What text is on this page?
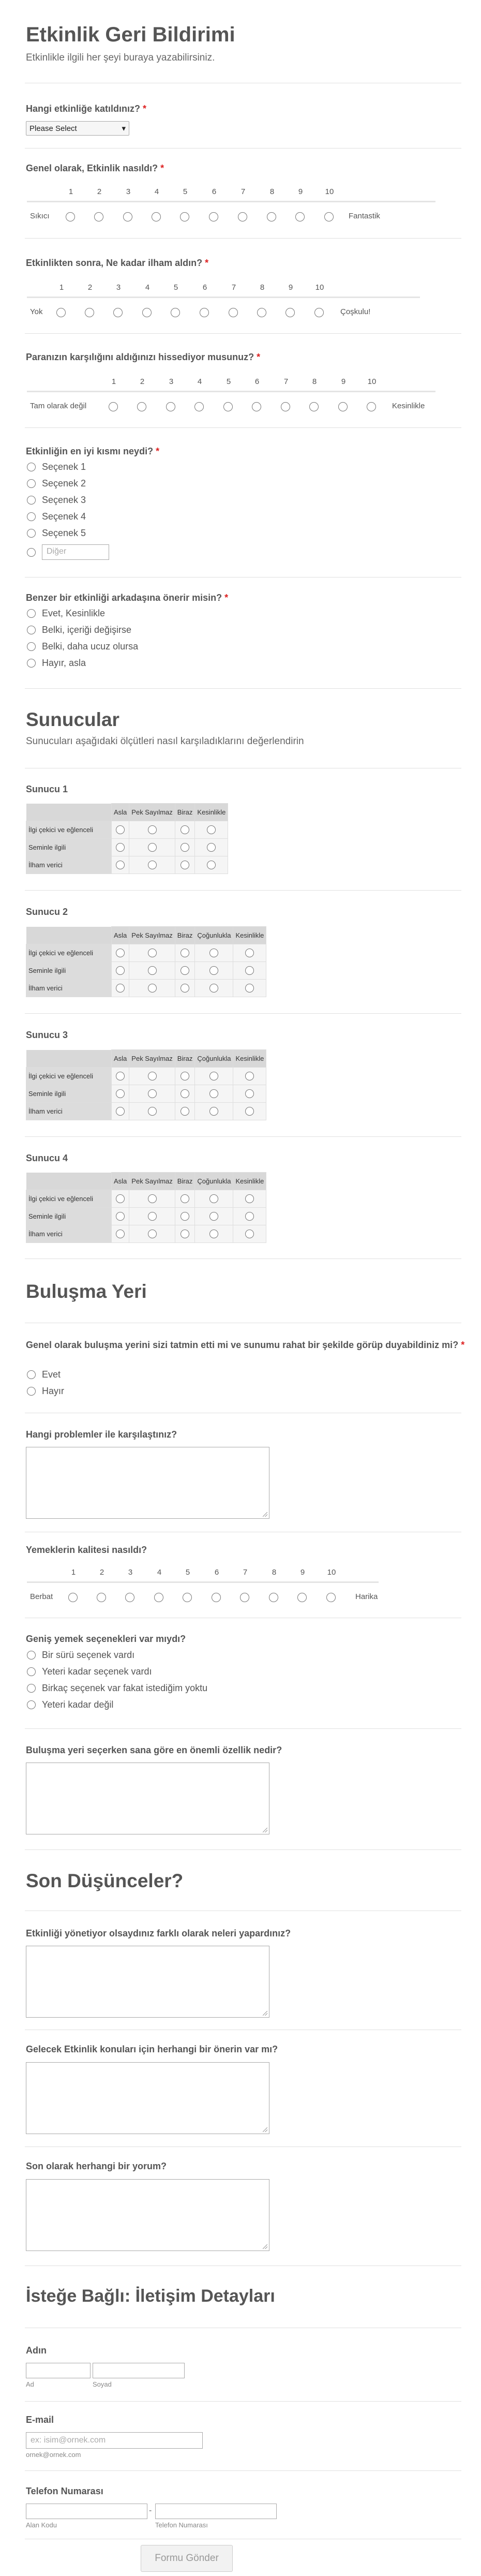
Etkinlik Geri Bildirimi
Etkinlikle ilgili her şeyi buraya yazabilirsiniz.
Hangi etkinliğe katıldınız? *
Please Select	▾
Genel olarak, Etkinlik nasıldı? *
Sıkıcı
1	2	3	4	5	6	7	8	9	10
Fantastik
Etkinlikten sonra, Ne kadar ilham aldın? *
Yok
1	2	3	4	5	6	7	8	9	10
Çoşkulu!
Paranızın karşılığını aldığınızı hissediyor musunuz? *
Tam olarak değil
1	2	3	4	5	6	7	8	9	10
Kesinlikle
Etkinliğin en iyi kısmı neydi? *
Seçenek 1
Seçenek 2
Seçenek 3
Seçenek 4
Seçenek 5
Diğer
Benzer bir etkinliği arkadaşına önerir misin? *
Evet, Kesinlikle
Belki, içeriği değişirse
Belki, daha ucuz olursa
Hayır, asla
Sunucular
Sunucuları aşağıdaki ölçütleri nasıl karşıladıklarını değerlendirin
Sunucu 1
	Asla	Pek Sayılmaz	Biraz	Kesinlikle
İlgi çekici ve eğlenceli				
Seminle ilgili				
İlham verici				
Sunucu 2
	Asla	Pek Sayılmaz	Biraz	Çoğunlukla	Kesinlikle
İlgi çekici ve eğlenceli					
Seminle ilgili					
İlham verici					
Sunucu 3
	Asla	Pek Sayılmaz	Biraz	Çoğunlukla	Kesinlikle
İlgi çekici ve eğlenceli					
Seminle ilgili					
İlham verici					
Sunucu 4
	Asla	Pek Sayılmaz	Biraz	Çoğunlukla	Kesinlikle
İlgi çekici ve eğlenceli					
Seminle ilgili					
İlham verici					
Buluşma Yeri
Genel olarak buluşma yerini sizi tatmin etti mi ve sunumu rahat bir şekilde görüp duyabildiniz mi? *
Evet
Hayır
Hangi problemler ile karşılaştınız?
Yemeklerin kalitesi nasıldı?
Berbat
1	2	3	4	5	6	7	8	9	10
Harika
Geniş yemek seçenekleri var mıydı?
Bir sürü seçenek vardı
Yeteri kadar seçenek vardı
Birkaç seçenek var fakat istediğim yoktu
Yeteri kadar değil
Buluşma yeri seçerken sana göre en önemli özellik nedir?
Son Düşünceler?
Etkinliği yönetiyor olsaydınız farklı olarak neleri yapardınız?
Gelecek Etkinlik konuları için herhangi bir önerin var mı?
Son olarak herhangi bir yorum?
İsteğe Bağlı: İletişim Detayları
Adın
Ad	Soyad
E-mail
ex: isim@ornek.com
ornek@ornek.com
Telefon Numarası
-
Alan Kodu	Telefon Numarası
Formu Gönder
